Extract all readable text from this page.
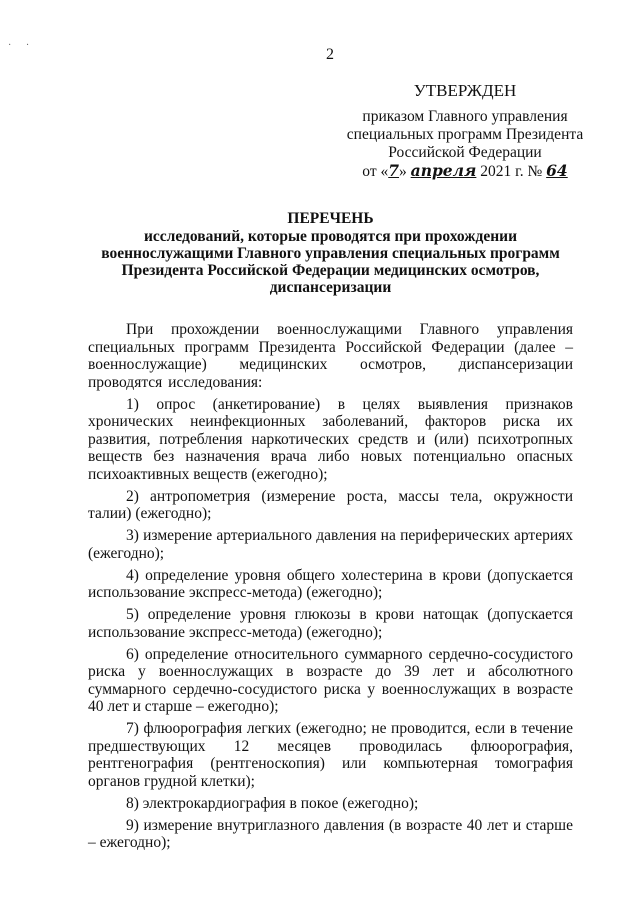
· ·
2
УТВЕРЖДЕН
приказом Главного управления
специальных программ Президента
Российской Федерации
от «7» апреля 2021 г. № 64
ПЕРЕЧЕНЬ
исследований, которые проводятся при прохождении военнослужащими Главного управления специальных программ Президента Российской Федерации медицинских осмотров, диспансеризации

При прохождении военнослужащими Главного управления специальных программ Президента Российской Федерации (далее – военнослужащие) медицинских осмотров, диспансеризации проводятся исследования:

1) опрос (анкетирование) в целях выявления признаков хронических неинфекционных заболеваний, факторов риска их развития, потребления наркотических средств и (или) психотропных веществ без назначения врача либо новых потенциально опасных психоактивных веществ (ежегодно);

2) антропометрия (измерение роста, массы тела, окружности талии) (ежегодно);

3) измерение артериального давления на периферических артериях (ежегодно);

4) определение уровня общего холестерина в крови (допускается использование экспресс-метода) (ежегодно);

5) определение уровня глюкозы в крови натощак (допускается использование экспресс-метода) (ежегодно);

6) определение относительного суммарного сердечно-сосудистого риска у военнослужащих в возрасте до 39 лет и абсолютного суммарного сердечно-сосудистого риска у военнослужащих в возрасте 40 лет и старше – ежегодно);

7) флюорография легких (ежегодно; не проводится, если в течение предшествующих 12 месяцев проводилась флюорография, рентгенография (рентгеноскопия) или компьютерная томография органов грудной клетки);

8) электрокардиография в покое (ежегодно);

9) измерение внутриглазного давления (в возрасте 40 лет и старше – ежегодно);
